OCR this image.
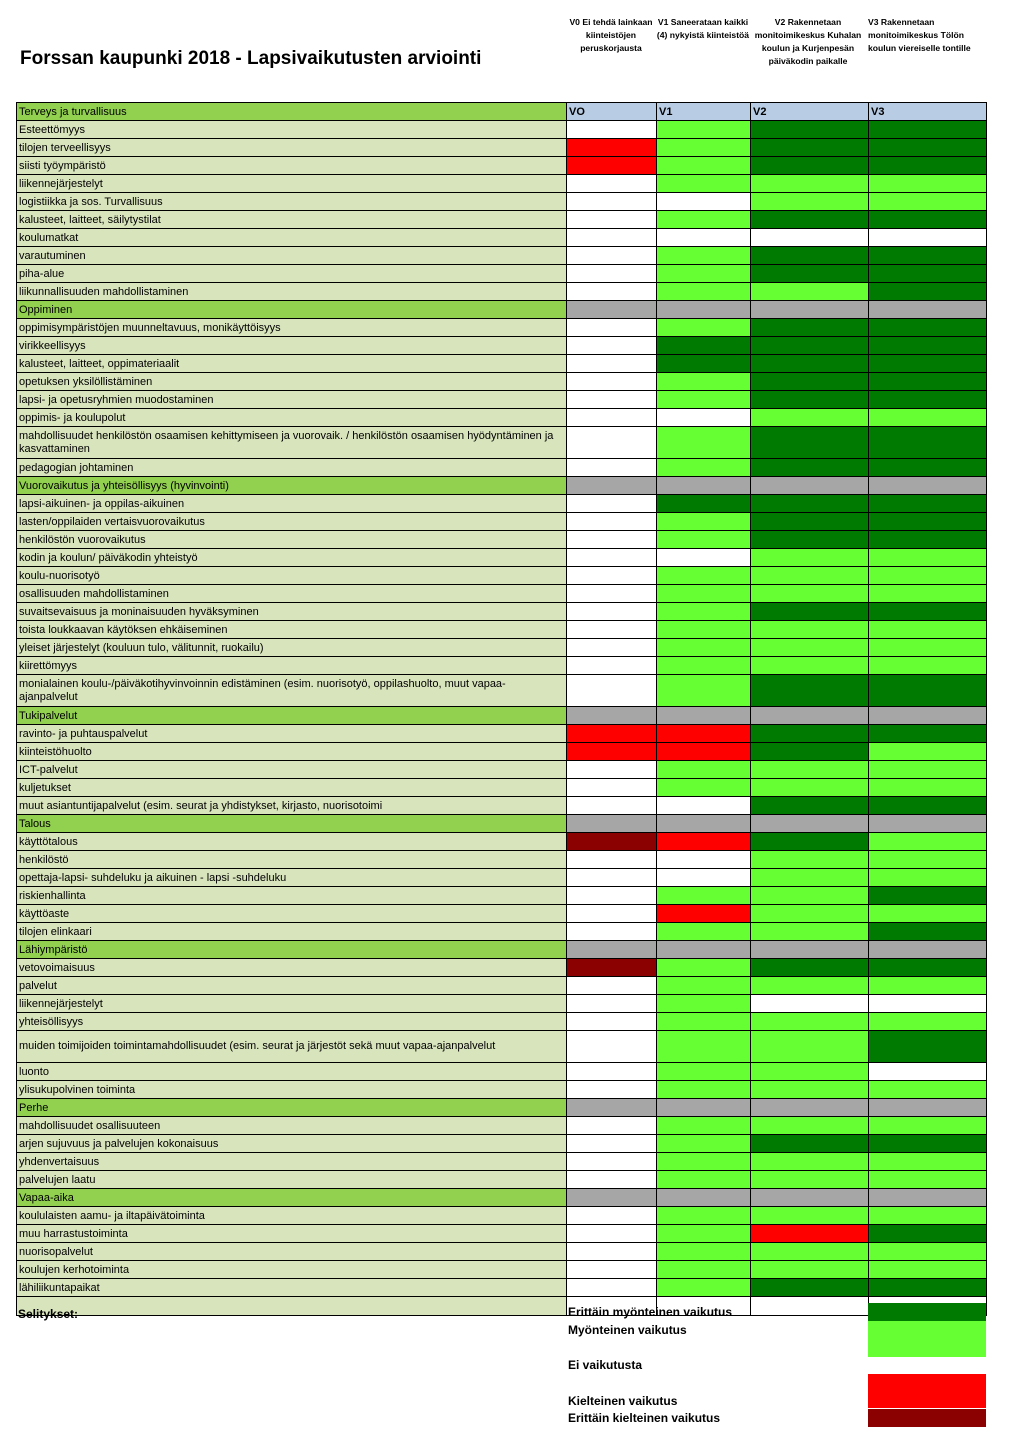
Forssan kaupunki 2018 - Lapsivaikutusten arviointi
V0 Ei tehdä lainkaan kiinteistöjen peruskorjausta
V1 Saneerataan kaikki (4) nykyistä kiinteistöä
V2 Rakennetaan monitoimikeskus Kuhalan koulun ja Kurjenpesän päiväkodin paikalle
V3 Rakennetaan monitoimikeskus Tölön koulun viereiselle tontille
Terveys ja turvallisuus	VO	V1	V2	V3
Esteettömyys				
tilojen terveellisyys				
siisti työympäristö				
liikennejärjestelyt				
logistiikka ja sos. Turvallisuus				
kalusteet, laitteet, säilytystilat				
koulumatkat				
varautuminen				
piha-alue				
liikunnallisuuden mahdollistaminen				
Oppiminen				
oppimisympäristöjen muunneltavuus, monikäyttöisyys				
virikkeellisyys				
kalusteet, laitteet, oppimateriaalit				
opetuksen yksilöllistäminen				
lapsi- ja opetusryhmien muodostaminen				
oppimis- ja koulupolut				
mahdollisuudet henkilöstön osaamisen kehittymiseen ja vuorovaik. / henkilöstön osaamisen hyödyntäminen ja kasvattaminen				
pedagogian johtaminen				
Vuorovaikutus ja yhteisöllisyys (hyvinvointi)				
lapsi-aikuinen- ja oppilas-aikuinen				
lasten/oppilaiden vertaisvuorovaikutus				
henkilöstön vuorovaikutus				
kodin ja koulun/ päiväkodin yhteistyö				
koulu-nuorisotyö				
osallisuuden mahdollistaminen				
suvaitsevaisuus ja moninaisuuden hyväksyminen				
toista loukkaavan käytöksen ehkäiseminen				
yleiset järjestelyt (kouluun tulo, välitunnit, ruokailu)				
kiirettömyys				
monialainen koulu-/päiväkotihyvinvoinnin edistäminen (esim. nuorisotyö, oppilashuolto, muut vapaa-ajanpalvelut				
Tukipalvelut				
ravinto- ja puhtauspalvelut				
kiinteistöhuolto				
ICT-palvelut				
kuljetukset				
muut asiantuntijapalvelut (esim. seurat ja yhdistykset, kirjasto, nuorisotoimi				
Talous				
käyttötalous				
henkilöstö				
opettaja-lapsi- suhdeluku ja aikuinen - lapsi -suhdeluku				
riskienhallinta				
käyttöaste				
tilojen elinkaari				
Lähiympäristö				
vetovoimaisuus				
palvelut				
liikennejärjestelyt				
yhteisöllisyys				
muiden toimijoiden toimintamahdollisuudet (esim. seurat ja järjestöt sekä muut vapaa-ajanpalvelut				
luonto				
ylisukupolvinen toiminta				
Perhe				
mahdollisuudet osallisuuteen				
arjen sujuvuus ja palvelujen kokonaisuus				
yhdenvertaisuus				
palvelujen laatu				
Vapaa-aika				
koululaisten aamu- ja iltapäivätoiminta				
muu harrastustoiminta				
nuorisopalvelut				
koulujen kerhotoiminta				
lähiliikuntapaikat				

Selitykset:	Erittäin myönteinen vaikutus
Myönteinen vaikutus
Ei vaikutusta
Kielteinen vaikutus
Erittäin kielteinen vaikutus
